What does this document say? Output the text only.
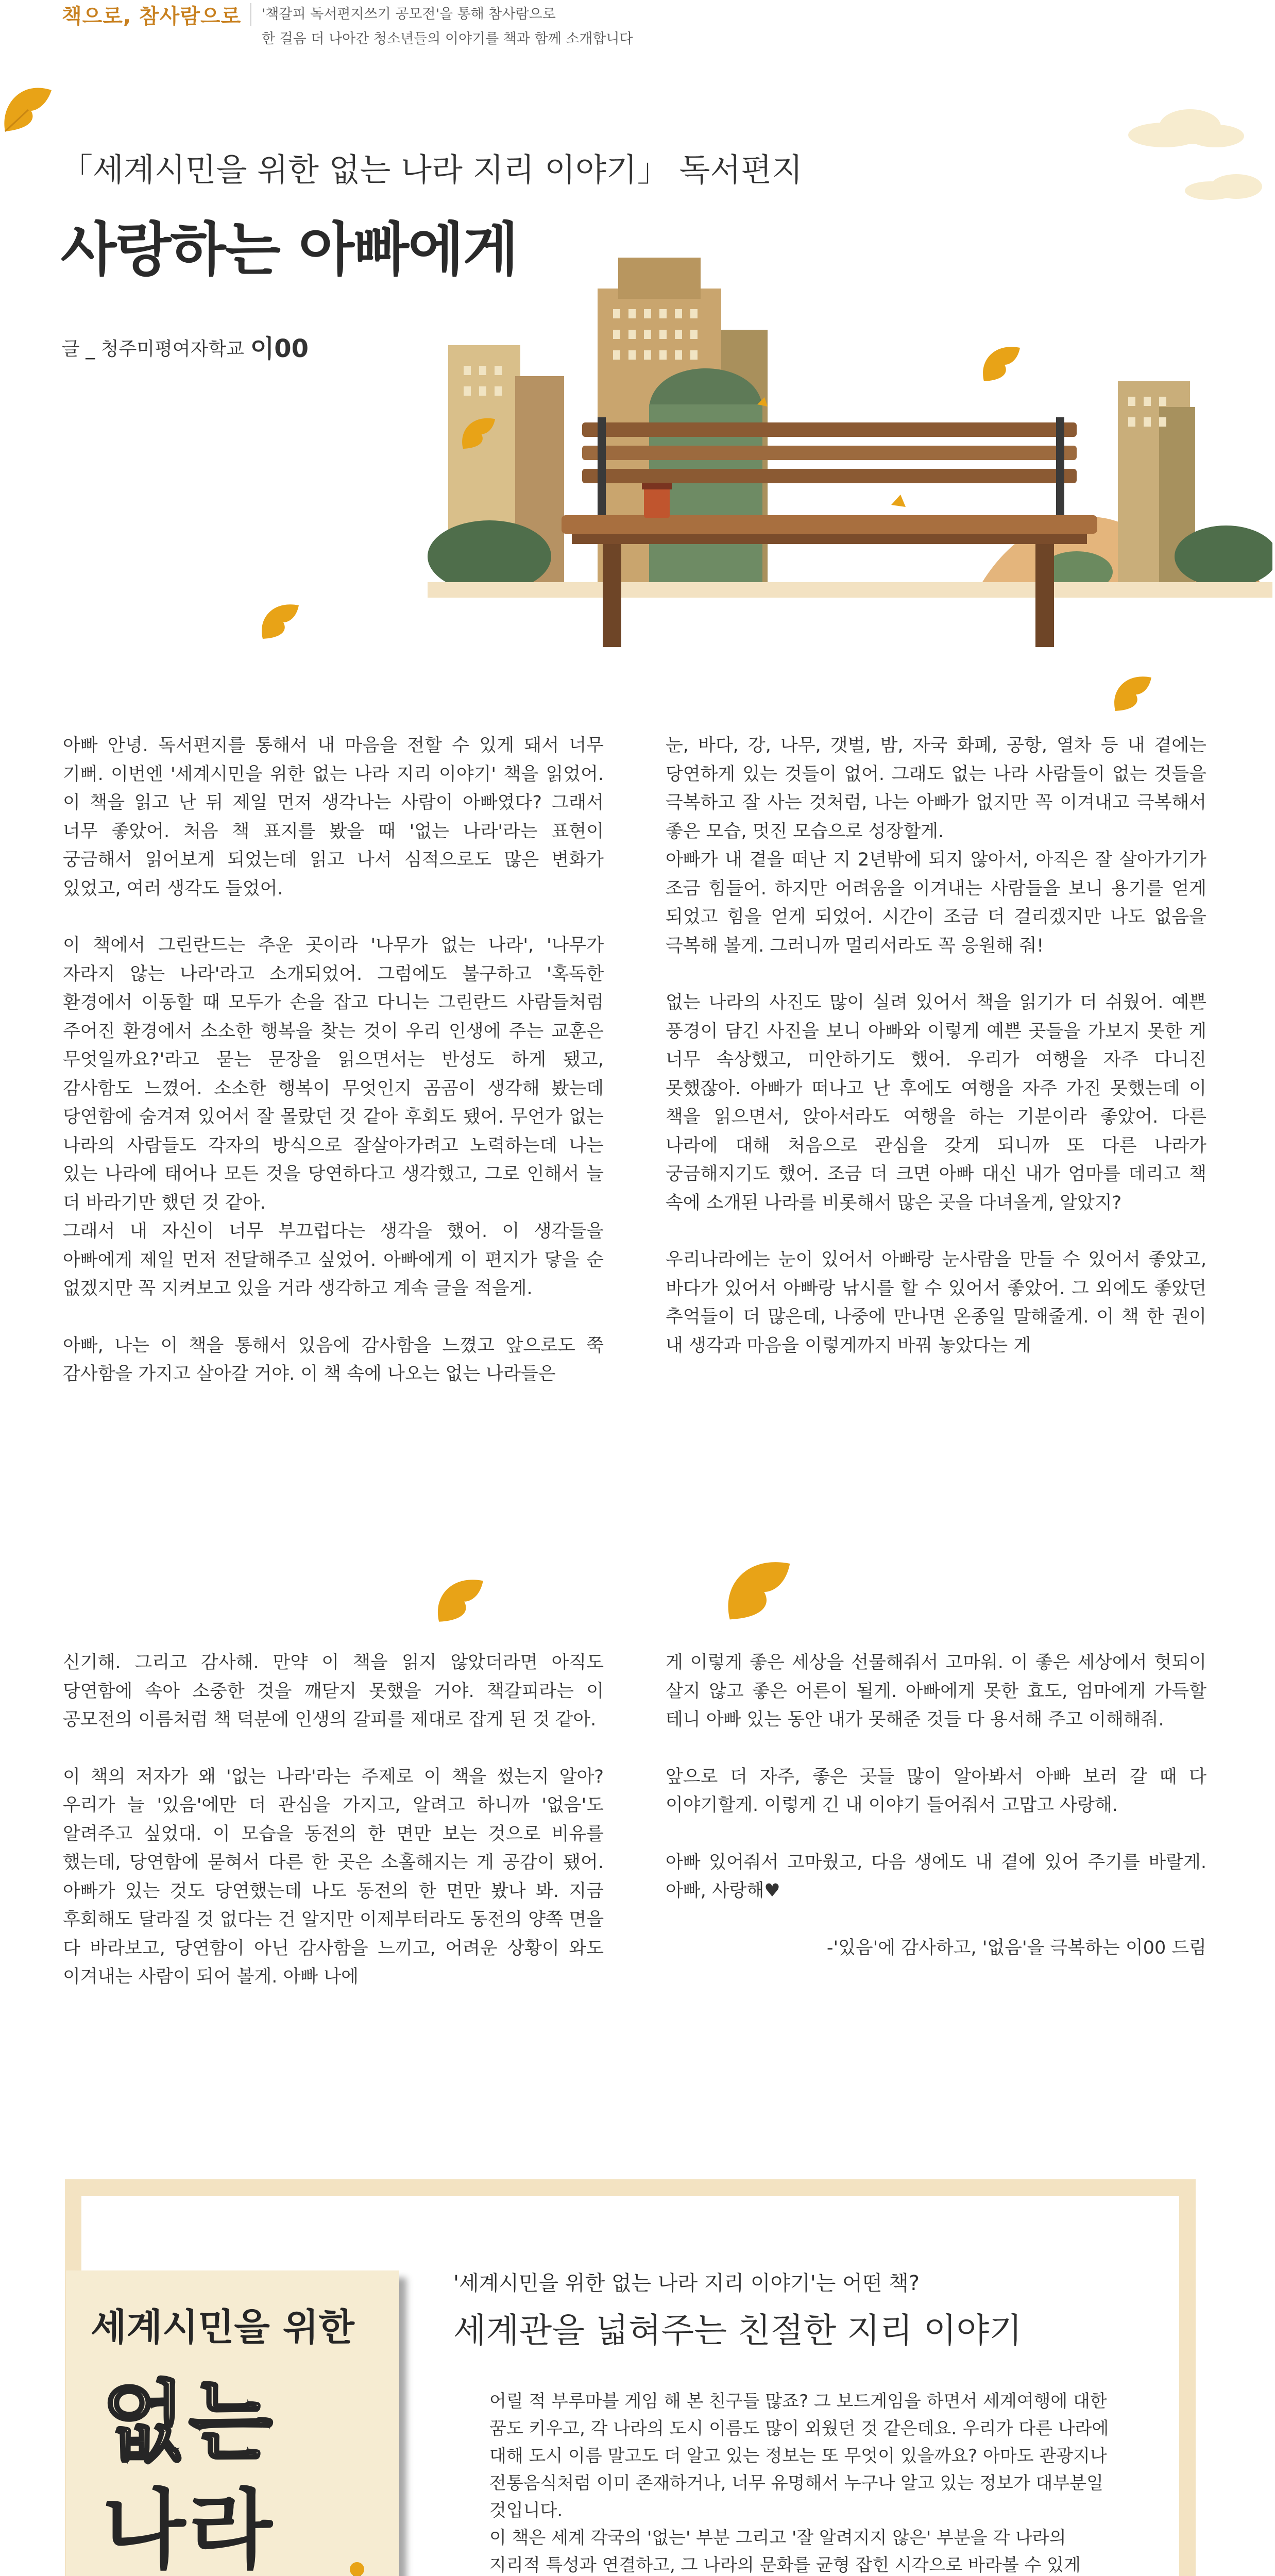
책으로, 참사람으로 '책갈피 독서편지쓰기 공모전'을 통해 참사람으로
한 걸음 더 나아간 청소년들의 이야기를 책과 함께 소개합니다
「세계시민을 위한 없는 나라 지리 이야기」 독서편지
사랑하는 아빠에게
글 _ 청주미평여자학교 이00

아빠 안녕. 독서편지를 통해서 내 마음을 전할 수 있게 돼서 너무 기뻐. 이번엔 '세계시민을 위한 없는 나라 지리 이야기' 책을 읽었어. 이 책을 읽고 난 뒤 제일 먼저 생각나는 사람이 아빠였다? 그래서 너무 좋았어. 처음 책 표지를 봤을 때 '없는 나라'라는 표현이 궁금해서 읽어보게 되었는데 읽고 나서 심적으로도 많은 변화가 있었고, 여러 생각도 들었어.

이 책에서 그린란드는 추운 곳이라 '나무가 없는 나라', '나무가 자라지 않는 나라'라고 소개되었어. 그럼에도 불구하고 '혹독한 환경에서 이동할 때 모두가 손을 잡고 다니는 그린란드 사람들처럼 주어진 환경에서 소소한 행복을 찾는 것이 우리 인생에 주는 교훈은 무엇일까요?'라고 묻는 문장을 읽으면서는 반성도 하게 됐고, 감사함도 느꼈어. 소소한 행복이 무엇인지 곰곰이 생각해 봤는데 당연함에 숨겨져 있어서 잘 몰랐던 것 같아 후회도 됐어. 무언가 없는 나라의 사람들도 각자의 방식으로 잘살아가려고 노력하는데 나는 있는 나라에 태어나 모든 것을 당연하다고 생각했고, 그로 인해서 늘 더 바라기만 했던 것 같아.

그래서 내 자신이 너무 부끄럽다는 생각을 했어. 이 생각들을 아빠에게 제일 먼저 전달해주고 싶었어. 아빠에게 이 편지가 닿을 순 없겠지만 꼭 지켜보고 있을 거라 생각하고 계속 글을 적을게.

아빠, 나는 이 책을 통해서 있음에 감사함을 느꼈고 앞으로도 쭉 감사함을 가지고 살아갈 거야. 이 책 속에 나오는 없는 나라들은

눈, 바다, 강, 나무, 갯벌, 밤, 자국 화폐, 공항, 열차 등 내 곁에는 당연하게 있는 것들이 없어. 그래도 없는 나라 사람들이 없는 것들을 극복하고 잘 사는 것처럼, 나는 아빠가 없지만 꼭 이겨내고 극복해서 좋은 모습, 멋진 모습으로 성장할게.

아빠가 내 곁을 떠난 지 2년밖에 되지 않아서, 아직은 잘 살아가기가 조금 힘들어. 하지만 어려움을 이겨내는 사람들을 보니 용기를 얻게 되었고 힘을 얻게 되었어. 시간이 조금 더 걸리겠지만 나도 없음을 극복해 볼게. 그러니까 멀리서라도 꼭 응원해 줘!

없는 나라의 사진도 많이 실려 있어서 책을 읽기가 더 쉬웠어. 예쁜 풍경이 담긴 사진을 보니 아빠와 이렇게 예쁜 곳들을 가보지 못한 게 너무 속상했고, 미안하기도 했어. 우리가 여행을 자주 다니진 못했잖아. 아빠가 떠나고 난 후에도 여행을 자주 가진 못했는데 이 책을 읽으면서, 앉아서라도 여행을 하는 기분이라 좋았어. 다른 나라에 대해 처음으로 관심을 갖게 되니까 또 다른 나라가 궁금해지기도 했어. 조금 더 크면 아빠 대신 내가 엄마를 데리고 책 속에 소개된 나라를 비롯해서 많은 곳을 다녀올게, 알았지?

우리나라에는 눈이 있어서 아빠랑 눈사람을 만들 수 있어서 좋았고, 바다가 있어서 아빠랑 낚시를 할 수 있어서 좋았어. 그 외에도 좋았던 추억들이 더 많은데, 나중에 만나면 온종일 말해줄게. 이 책 한 권이 내 생각과 마음을 이렇게까지 바꿔 놓았다는 게

신기해. 그리고 감사해. 만약 이 책을 읽지 않았더라면 아직도 당연함에 속아 소중한 것을 깨닫지 못했을 거야. 책갈피라는 이 공모전의 이름처럼 책 덕분에 인생의 갈피를 제대로 잡게 된 것 같아.

이 책의 저자가 왜 '없는 나라'라는 주제로 이 책을 썼는지 알아? 우리가 늘 '있음'에만 더 관심을 가지고, 알려고 하니까 '없음'도 알려주고 싶었대. 이 모습을 동전의 한 면만 보는 것으로 비유를 했는데, 당연함에 묻혀서 다른 한 곳은 소홀해지는 게 공감이 됐어. 아빠가 있는 것도 당연했는데 나도 동전의 한 면만 봤나 봐. 지금 후회해도 달라질 것 없다는 건 알지만 이제부터라도 동전의 양쪽 면을 다 바라보고, 당연함이 아닌 감사함을 느끼고, 어려운 상황이 와도 이겨내는 사람이 되어 볼게. 아빠 나에

게 이렇게 좋은 세상을 선물해줘서 고마워. 이 좋은 세상에서 헛되이 살지 않고 좋은 어른이 될게. 아빠에게 못한 효도, 엄마에게 가득할 테니 아빠 있는 동안 내가 못해준 것들 다 용서해 주고 이해해줘.

앞으로 더 자주, 좋은 곳들 많이 알아봐서 아빠 보러 갈 때 다 이야기할게. 이렇게 긴 내 이야기 들어줘서 고맙고 사랑해.

아빠 있어줘서 고마웠고, 다음 생에도 내 곁에 있어 주기를 바랄게. 아빠, 사랑해♥

-'있음'에 감사하고, '없음'을 극복하는 이00 드림

'세계시민을 위한 없는 나라 지리 이야기'는 어떤 책?
세계관을 넓혀주는 친절한 지리 이야기

어릴 적 부루마블 게임 해 본 친구들 많죠? 그 보드게임을 하면서 세계여행에 대한 꿈도 키우고, 각 나라의 도시 이름도 많이 외웠던 것 같은데요. 우리가 다른 나라에 대해 도시 이름 말고도 더 알고 있는 정보는 또 무엇이 있을까요? 아마도 관광지나 전통음식처럼 이미 존재하거나, 너무 유명해서 누구나 알고 있는 정보가 대부분일 것입니다.

이 책은 세계 각국의 '없는' 부분 그리고 '잘 알려지지 않은' 부분을 각 나라의 지리적 특성과 연결하고, 그 나라의 문화를 균형 잡힌 시각으로 바라볼 수 있게

세계시민을 위한
없는
나라
